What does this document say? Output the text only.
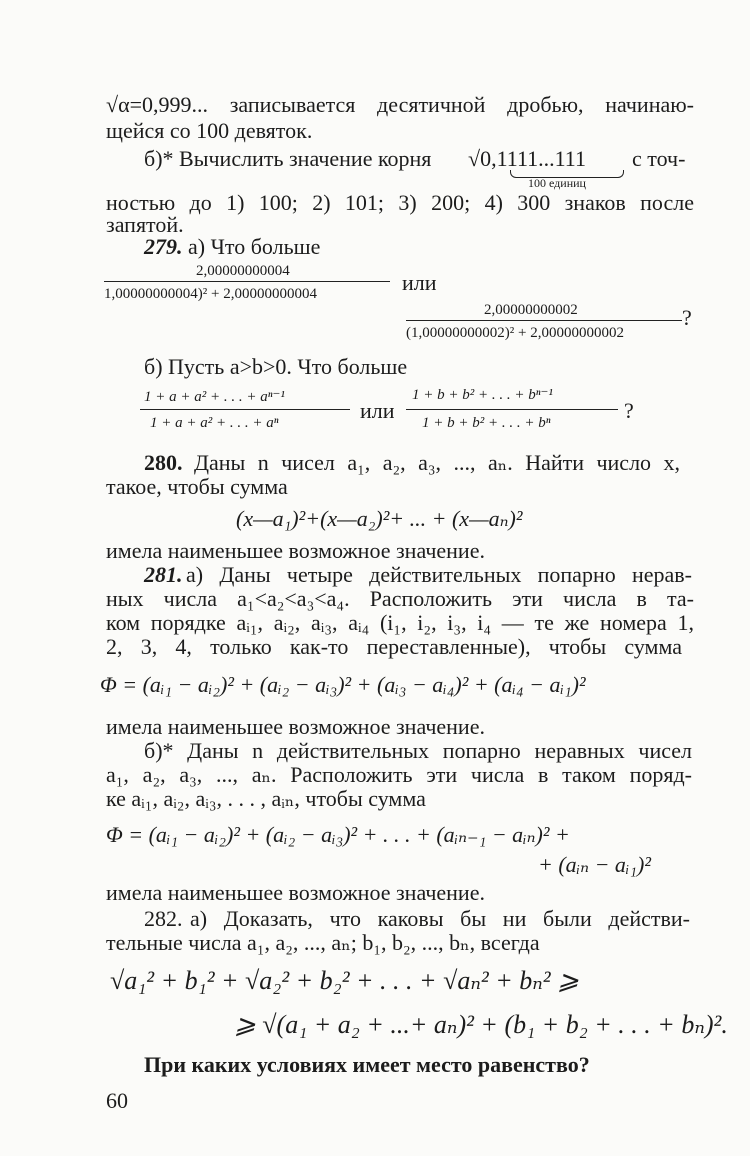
√α=0,999... записывается десятичной дробью, начинаю-
щейся со 100 девяток.
б)* Вычислить значение корня √0,1111...111 с точ-
100 единиц
ностью до 1) 100; 2) 101; 3) 200; 4) 300 знаков после
запятой.
279. а) Что больше
2,00000000004
1,00000000004)² + 2,00000000004	или
2,00000000002
(1,00000000002)² + 2,00000000002
?
б) Пусть a>b>0. Что больше
1 + a + a² + . . . + aⁿ⁻¹
1 + a + a² + . . . + aⁿ	или
1 + b + b² + . . . + bⁿ⁻¹
1 + b + b² + . . . + bⁿ	?
280. Даны n чисел a₁, a₂, a₃, ..., aₙ. Найти число x,
такое, чтобы сумма
(x—a₁)²+(x—a₂)²+ ... + (x—aₙ)²
имела наименьшее возможное значение.
281. а) Даны четыре действительных попарно нерав-
ных числа a₁<a₂<a₃<a₄. Расположить эти числа в та-
ком порядке aᵢ₁, aᵢ₂, aᵢ₃, aᵢ₄ (i₁, i₂, i₃, i₄ — те же номера 1,
2, 3, 4, только как-то переставленные), чтобы сумма
Φ = (aᵢ₁ − aᵢ₂)² + (aᵢ₂ − aᵢ₃)² + (aᵢ₃ − aᵢ₄)² + (aᵢ₄ − aᵢ₁)²
имела наименьшее возможное значение.
б)* Даны n действительных попарно неравных чисел
a₁, a₂, a₃, ..., aₙ. Расположить эти числа в таком поряд-
ке aᵢ₁, aᵢ₂, aᵢ₃, . . . , aᵢₙ, чтобы сумма
Φ = (aᵢ₁ − aᵢ₂)² + (aᵢ₂ − aᵢ₃)² + . . . + (aᵢₙ₋₁ − aᵢₙ)² +
+ (aᵢₙ − aᵢ₁)²
имела наименьшее возможное значение.
282. а) Доказать, что каковы бы ни были действи-
тельные числа a₁, a₂, ..., aₙ; b₁, b₂, ..., bₙ, всегда
√a₁² + b₁² + √a₂² + b₂² + . . . + √aₙ² + bₙ² ⩾
⩾ √(a₁ + a₂ + ...+ aₙ)² + (b₁ + b₂ + . . . + bₙ)².
При каких условиях имеет место равенство?
60
